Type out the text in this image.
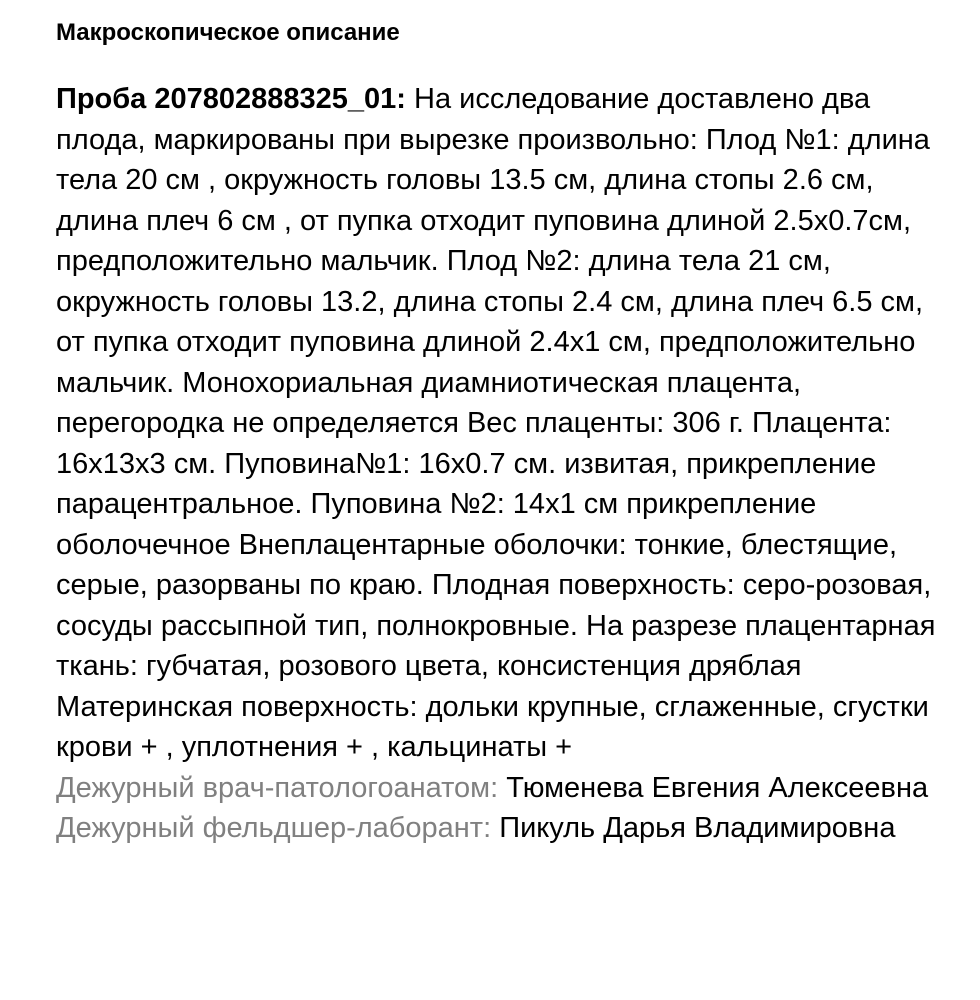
Макроскопическое описание
Проба 207802888325_01: На исследование доставлено два плода, маркированы при вырезке произвольно: Плод №1: длина тела 20 см , окружность головы 13.5 см, длина стопы 2.6 см, длина плеч 6 см , от пупка отходит пуповина длиной 2.5х0.7см, предположительно мальчик. Плод №2: длина тела 21 см, окружность головы 13.2, длина стопы 2.4 см, длина плеч 6.5 см, от пупка отходит пуповина длиной 2.4х1 см, предположительно мальчик. Монохориальная диамниотическая плацента, перегородка не определяется Вес плаценты: 306 г. Плацента: 16х13х3 см. Пуповина№1: 16х0.7 см. извитая, прикрепление парацентральное. Пуповина №2: 14х1 см прикрепление оболочечное Внеплацентарные оболочки: тонкие, блестящие, серые, разорваны по краю. Плодная поверхность: серо-розовая, сосуды рассыпной тип, полнокровные. На разрезе плацентарная ткань: губчатая, розового цвета, консистенция дряблая Материнская поверхность: дольки крупные, сглаженные, сгустки крови + , уплотнения + , кальцинаты +
Дежурный врач-патологоанатом: Тюменева Евгения Алексеевна
Дежурный фельдшер-лаборант: Пикуль Дарья Владимировна
